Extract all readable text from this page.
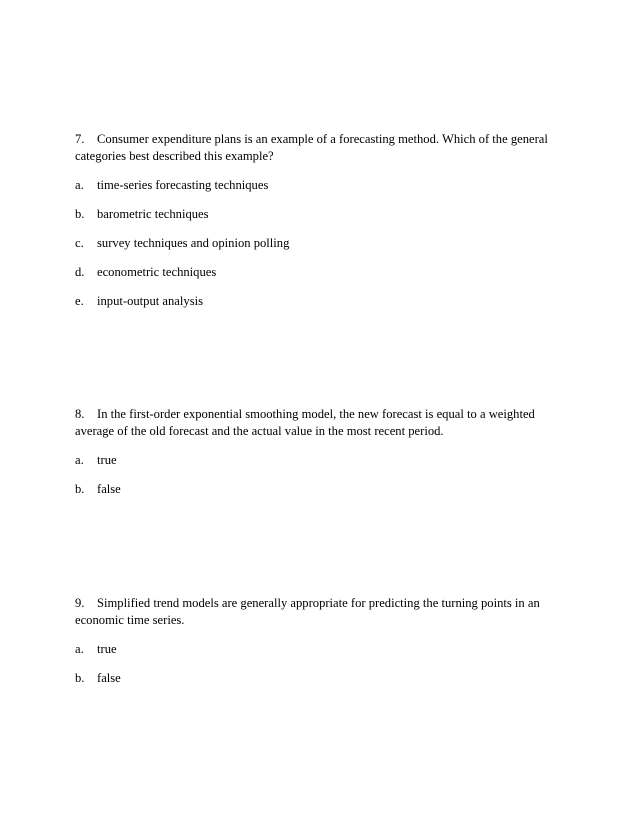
7. Consumer expenditure plans is an example of a forecasting method. Which of the general categories best described this example?

a. time-series forecasting techniques
b. barometric techniques
c. survey techniques and opinion polling
d. econometric techniques
e. input-output analysis

8. In the first-order exponential smoothing model, the new forecast is equal to a weighted average of the old forecast and the actual value in the most recent period.

a. true
b. false

9. Simplified trend models are generally appropriate for predicting the turning points in an economic time series.

a. true
b. false
